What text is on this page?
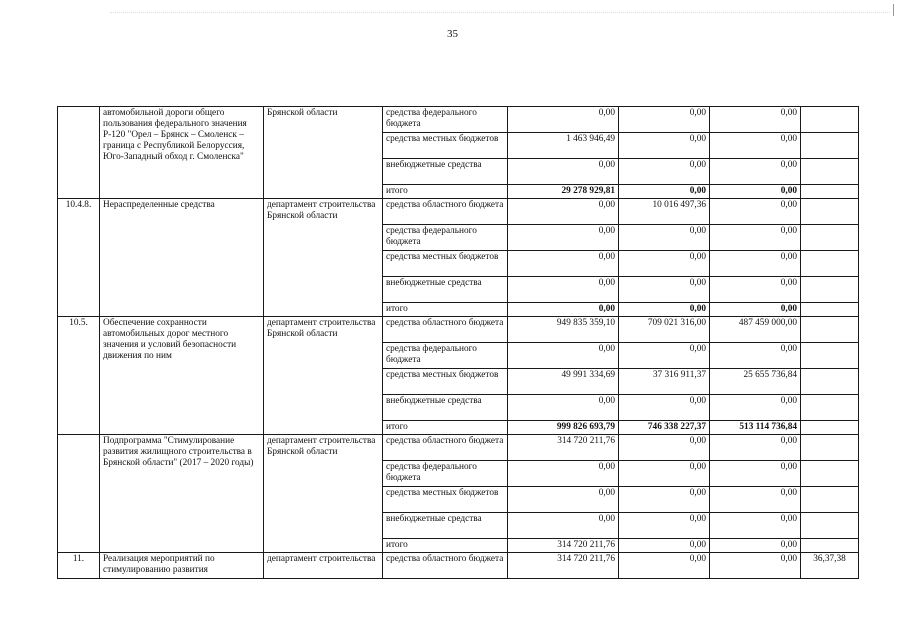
35
	автомобильной дороги общего пользования федерального значения Р-120 "Орел – Брянск – Смоленск – граница с Республикой Белоруссия, Юго-Западный обход г. Смоленска"	Брянской области	средства федерального бюджета	0,00	0,00	0,00	
			средства местных бюджетов	1 463 946,49	0,00	0,00	
			внебюджетные средства	0,00	0,00	0,00	
			итого	29 278 929,81	0,00	0,00	
10.4.8.	Нераспределенные средства	департамент строительства Брянской области	средства областного бюджета	0,00	10 016 497,36	0,00	
			средства федерального бюджета	0,00	0,00	0,00	
			средства местных бюджетов	0,00	0,00	0,00	
			внебюджетные средства	0,00	0,00	0,00	
			итого	0,00	0,00	0,00	
10.5.	Обеспечение сохранности автомобильных дорог местного значения и условий безопасности движения по ним	департамент строительства Брянской области	средства областного бюджета	949 835 359,10	709 021 316,00	487 459 000,00	
			средства федерального бюджета	0,00	0,00	0,00	
			средства местных бюджетов	49 991 334,69	37 316 911,37	25 655 736,84	
			внебюджетные средства	0,00	0,00	0,00	
			итого	999 826 693,79	746 338 227,37	513 114 736,84	
	Подпрограмма "Стимулирование развития жилищного строительства в Брянской области" (2017 – 2020 годы)	департамент строительства Брянской области	средства областного бюджета	314 720 211,76	0,00	0,00	
			средства федерального бюджета	0,00	0,00	0,00	
			средства местных бюджетов	0,00	0,00	0,00	
			внебюджетные средства	0,00	0,00	0,00	
			итого	314 720 211,76	0,00	0,00	
11.	Реализация мероприятий по стимулированию развития	департамент строительства	средства областного бюджета	314 720 211,76	0,00	0,00	36,37,38
